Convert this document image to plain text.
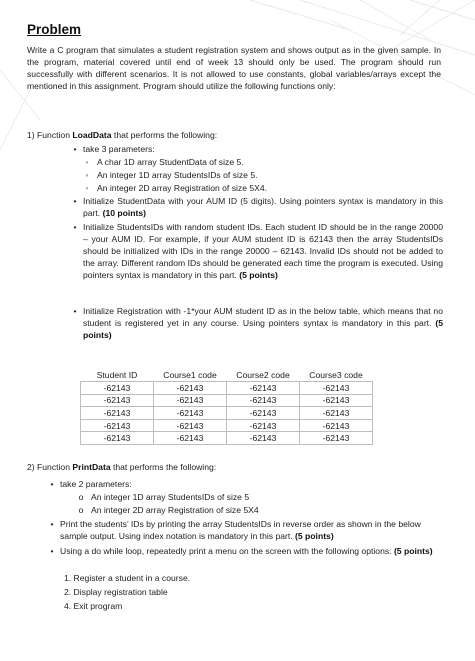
Problem
Write a C program that simulates a student registration system and shows output as in the given sample. In the program, material covered until end of week 13 should only be used. The program should run successfully with different scenarios. It is not allowed to use constants, global variables/arrays except the mentioned in this assignment. Program should utilize the following functions only:
1) Function LoadData that performs the following:
• take 3 parameters:
◦ A char 1D array StudentData of size 5.
◦ An integer 1D array StudentsIDs of size 5.
◦ An integer 2D array Registration of size 5X4.
• Initialize StudentData with your AUM ID (5 digits). Using pointers syntax is mandatory in this part. (10 points)
• Initialize StudentsIDs with random student IDs. Each student ID should be in the range 20000 – your AUM ID. For example, if your AUM student ID is 62143 then the array StudentsIDs should be initialized with IDs in the range 20000 – 62143. Invalid IDs should not be added to the array. Different random IDs should be generated each time the program is executed. Using pointers syntax is mandatory in this part. (5 points)
• Initialize Registration with -1*your AUM student ID as in the below table, which means that no student is registered yet in any course. Using pointers syntax is mandatory in this part. (5 points)
Student ID	Course1 code	Course2 code	Course3 code
-62143	-62143	-62143	-62143
-62143	-62143	-62143	-62143
-62143	-62143	-62143	-62143
-62143	-62143	-62143	-62143
-62143	-62143	-62143	-62143
2) Function PrintData that performs the following:
• take 2 parameters:
o An integer 1D array StudentsIDs of size 5
o An integer 2D array Registration of size 5X4
• Print the students’ IDs by printing the array StudentsIDs in reverse order as shown in the below sample output. Using index notation is mandatory in this part. (5 points)
• Using a do while loop, repeatedly print a menu on the screen with the following options: (5 points)
1. Register a student in a course.
2. Display registration table
4. Exit program
